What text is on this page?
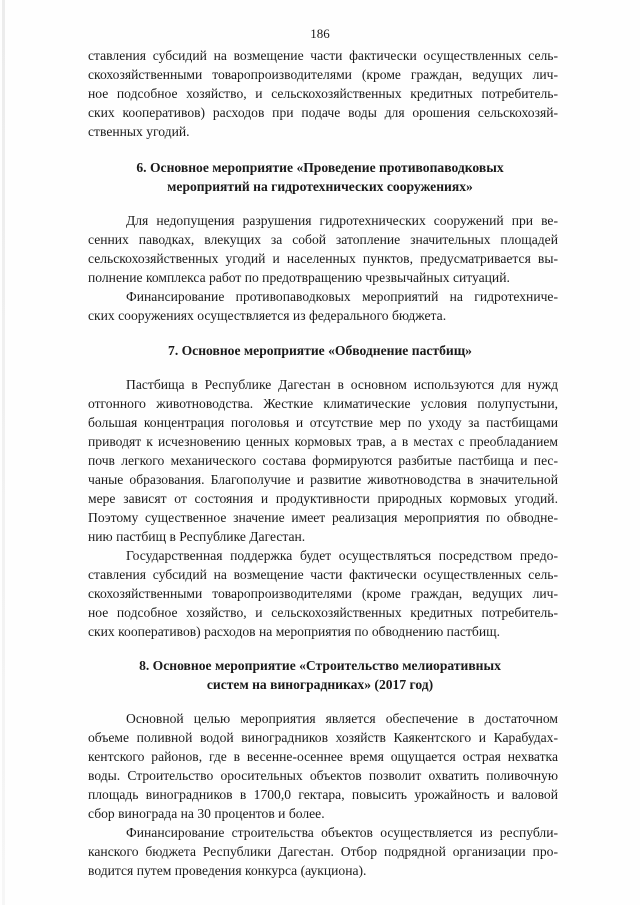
186
ставления субсидий на возмещение части фактически осуществленных сель-
скохозяйственными товаропроизводителями (кроме граждан, ведущих лич-
ное подсобное хозяйство, и сельскохозяйственных кредитных потребитель-
ских кооперативов) расходов при подаче воды для орошения сельскохозяй-
ственных угодий.
6. Основное мероприятие «Проведение противопаводковых
мероприятий на гидротехнических сооружениях»
Для недопущения разрушения гидротехнических сооружений при ве-
сенних паводках, влекущих за собой затопление значительных площадей
сельскохозяйственных угодий и населенных пунктов, предусматривается вы-
полнение комплекса работ по предотвращению чрезвычайных ситуаций.
Финансирование противопаводковых мероприятий на гидротехниче-
ских сооружениях осуществляется из федерального бюджета.
7. Основное мероприятие «Обводнение пастбищ»
Пастбища в Республике Дагестан в основном используются для нужд
отгонного животноводства. Жесткие климатические условия полупустыни,
большая концентрация поголовья и отсутствие мер по уходу за пастбищами
приводят к исчезновению ценных кормовых трав, а в местах с преобладанием
почв легкого механического состава формируются разбитые пастбища и пес-
чаные образования. Благополучие и развитие животноводства в значительной
мере зависят от состояния и продуктивности природных кормовых угодий.
Поэтому существенное значение имеет реализация мероприятия по обводне-
нию пастбищ в Республике Дагестан.
Государственная поддержка будет осуществляться посредством предо-
ставления субсидий на возмещение части фактически осуществленных сель-
скохозяйственными товаропроизводителями (кроме граждан, ведущих лич-
ное подсобное хозяйство, и сельскохозяйственных кредитных потребитель-
ских кооперативов) расходов на мероприятия по обводнению пастбищ.
8. Основное мероприятие «Строительство мелиоративных
систем на виноградниках» (2017 год)
Основной целью мероприятия является обеспечение в достаточном
объеме поливной водой виноградников хозяйств Каякентского и Карабудах-
кентского районов, где в весенне-осеннее время ощущается острая нехватка
воды. Строительство оросительных объектов позволит охватить поливочную
площадь виноградников в 1700,0 гектара, повысить урожайность и валовой
сбор винограда на 30 процентов и более.
Финансирование строительства объектов осуществляется из республи-
канского бюджета Республики Дагестан. Отбор подрядной организации про-
водится путем проведения конкурса (аукциона).
